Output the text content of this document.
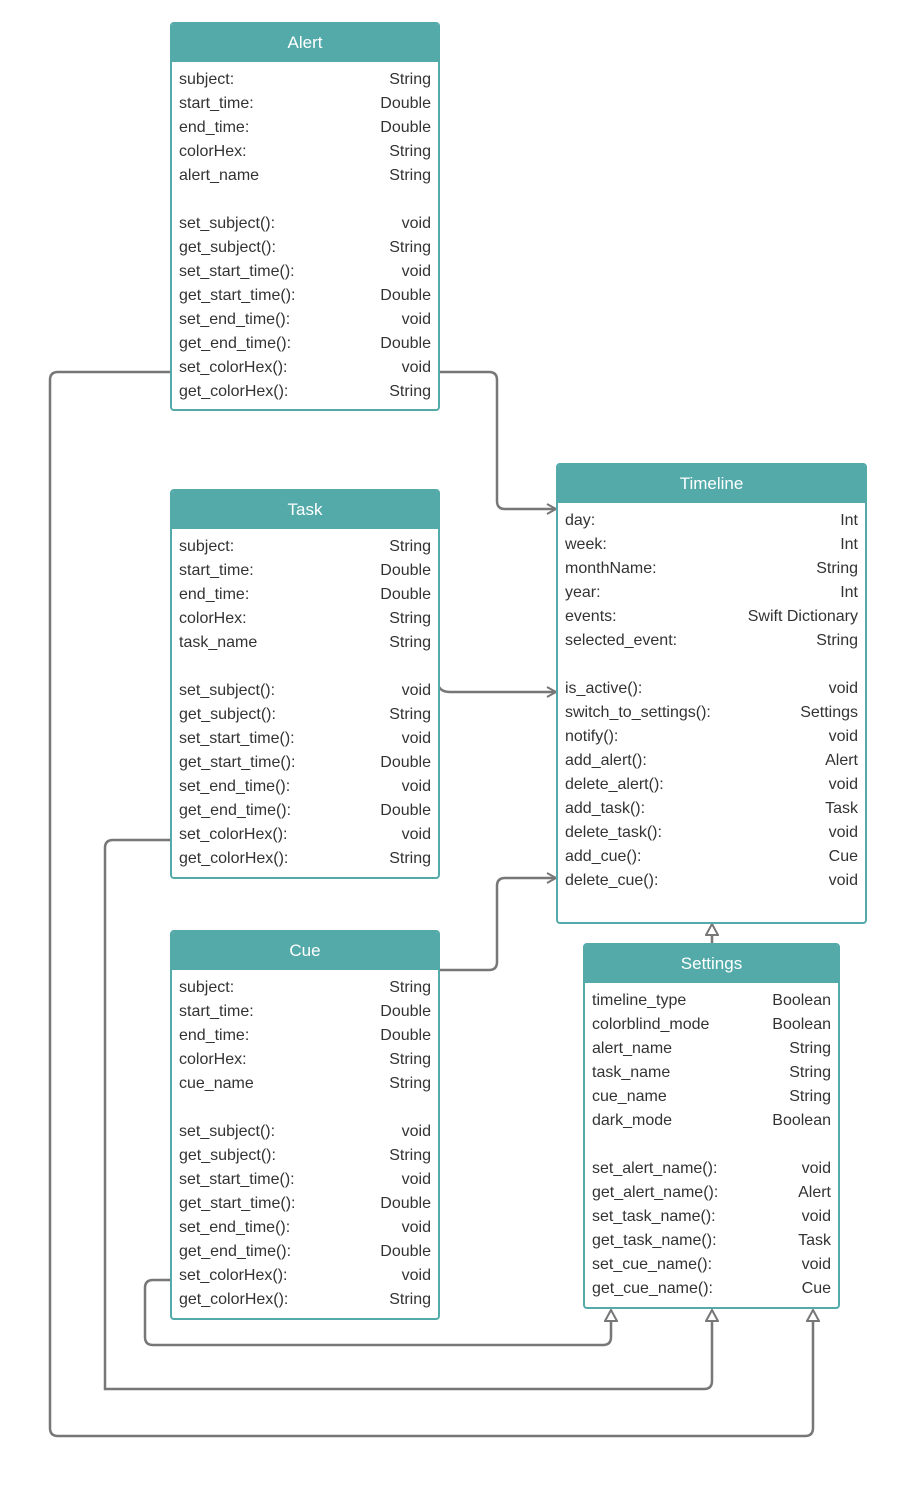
Alert
subject:	String
start_time:	Double
end_time:	Double
colorHex:	String
alert_name	String
set_subject():	void
get_subject():	String
set_start_time():	void
get_start_time():	Double
set_end_time():	void
get_end_time():	Double
set_colorHex():	void
get_colorHex():	String
Task
subject:	String
start_time:	Double
end_time:	Double
colorHex:	String
task_name	String
set_subject():	void
get_subject():	String
set_start_time():	void
get_start_time():	Double
set_end_time():	void
get_end_time():	Double
set_colorHex():	void
get_colorHex():	String
Cue
subject:	String
start_time:	Double
end_time:	Double
colorHex:	String
cue_name	String
set_subject():	void
get_subject():	String
set_start_time():	void
get_start_time():	Double
set_end_time():	void
get_end_time():	Double
set_colorHex():	void
get_colorHex():	String
Timeline
day:	Int
week:	Int
monthName:	String
year:	Int
events:	Swift Dictionary
selected_event:	String
is_active():	void
switch_to_settings():	Settings
notify():	void
add_alert():	Alert
delete_alert():	void
add_task():	Task
delete_task():	void
add_cue():	Cue
delete_cue():	void
Settings
timeline_type	Boolean
colorblind_mode	Boolean
alert_name	String
task_name	String
cue_name	String
dark_mode	Boolean
set_alert_name():	void
get_alert_name():	Alert
set_task_name():	void
get_task_name():	Task
set_cue_name():	void
get_cue_name():	Cue
